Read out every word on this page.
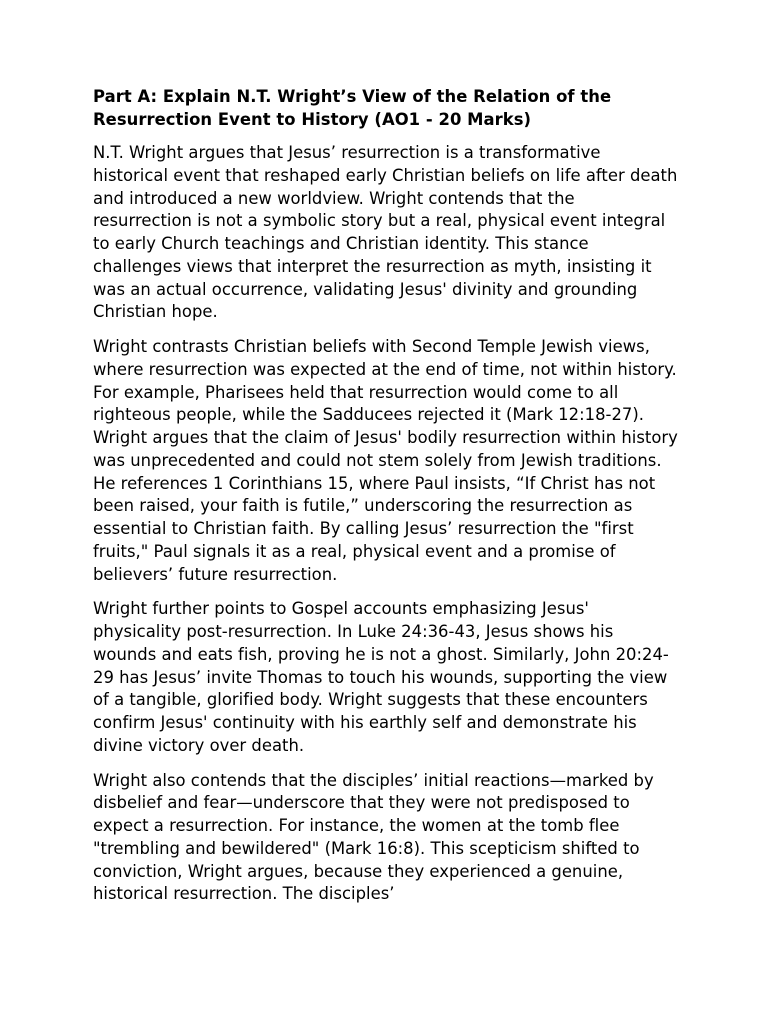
Part A: Explain N.T. Wright’s View of the Relation of the Resurrection Event to History (AO1 - 20 Marks)

N.T. Wright argues that Jesus’ resurrection is a transformative historical event that reshaped early Christian beliefs on life after death and introduced a new worldview. Wright contends that the resurrection is not a symbolic story but a real, physical event integral to early Church teachings and Christian identity. This stance challenges views that interpret the resurrection as myth, insisting it was an actual occurrence, validating Jesus' divinity and grounding Christian hope.

Wright contrasts Christian beliefs with Second Temple Jewish views, where resurrection was expected at the end of time, not within history. For example, Pharisees held that resurrection would come to all righteous people, while the Sadducees rejected it (Mark 12:18-27). Wright argues that the claim of Jesus' bodily resurrection within history was unprecedented and could not stem solely from Jewish traditions. He references 1 Corinthians 15, where Paul insists, “If Christ has not been raised, your faith is futile,” underscoring the resurrection as essential to Christian faith. By calling Jesus’ resurrection the "first fruits," Paul signals it as a real, physical event and a promise of believers’ future resurrection.

Wright further points to Gospel accounts emphasizing Jesus' physicality post-resurrection. In Luke 24:36-43, Jesus shows his wounds and eats fish, proving he is not a ghost. Similarly, John 20:24-29 has Jesus’ invite Thomas to touch his wounds, supporting the view of a tangible, glorified body. Wright suggests that these encounters confirm Jesus' continuity with his earthly self and demonstrate his divine victory over death.

Wright also contends that the disciples’ initial reactions—marked by disbelief and fear—underscore that they were not predisposed to expect a resurrection. For instance, the women at the tomb flee "trembling and bewildered" (Mark 16:8). This scepticism shifted to conviction, Wright argues, because they experienced a genuine, historical resurrection. The disciples’
